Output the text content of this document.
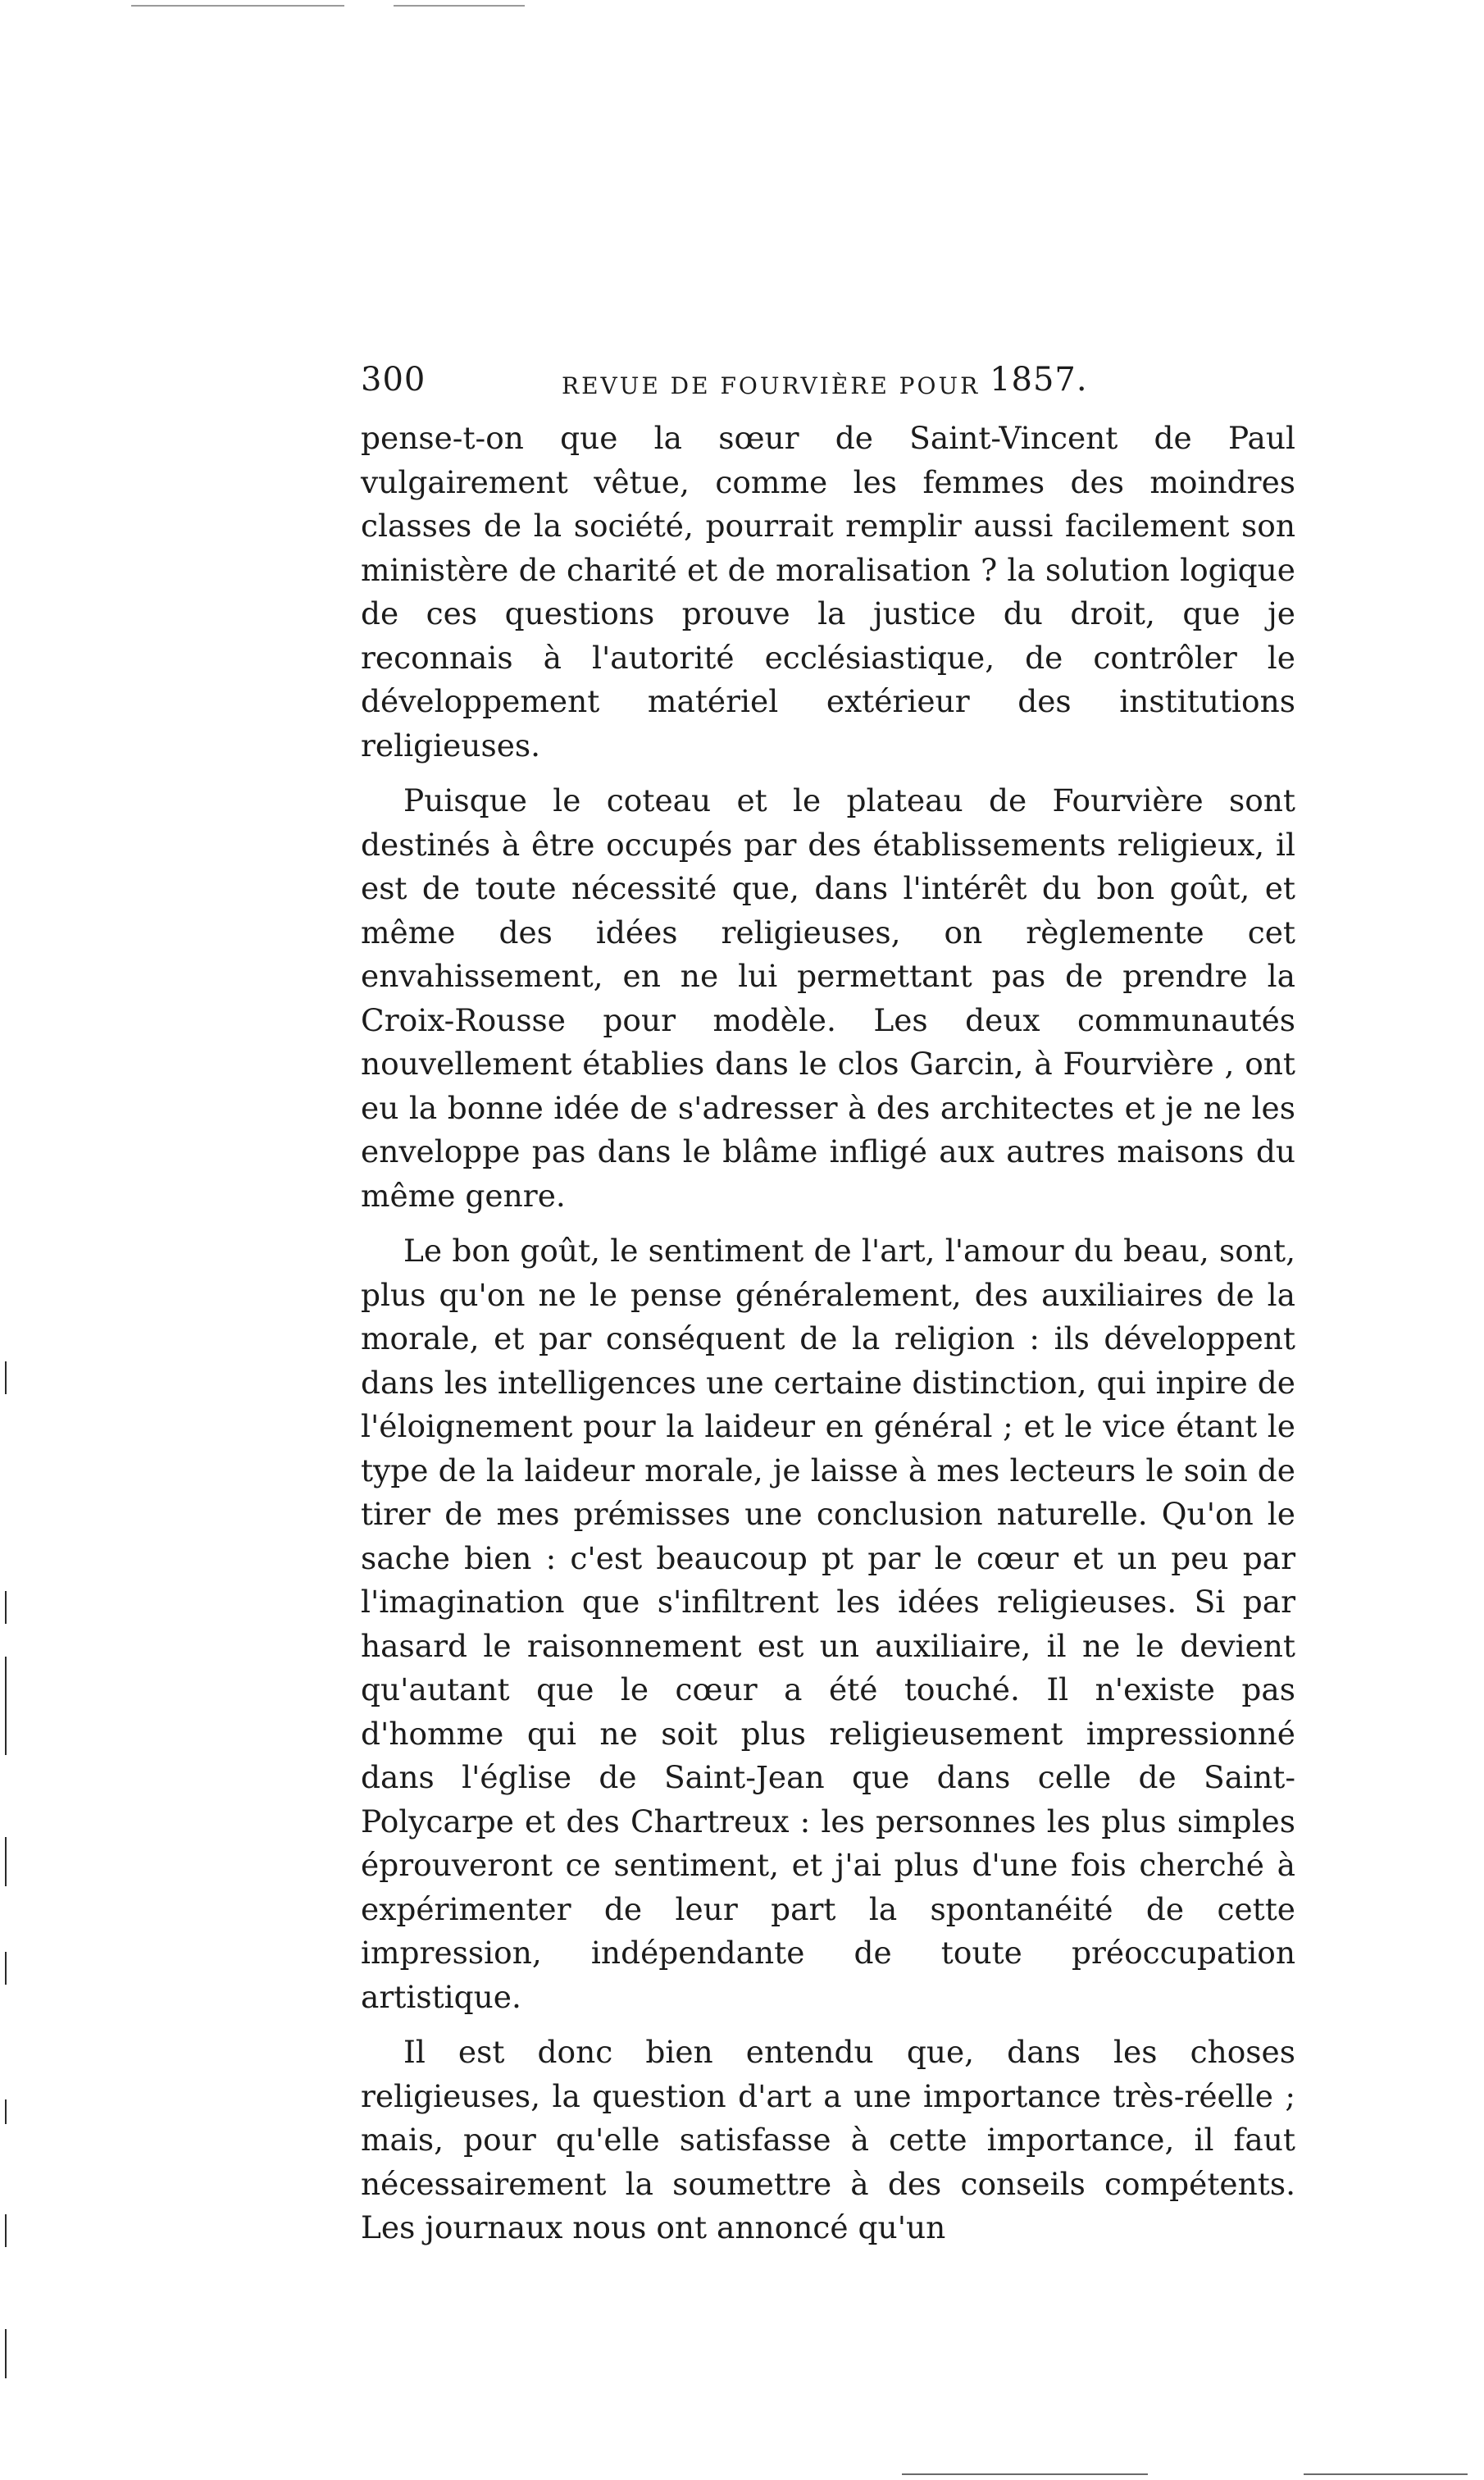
300	REVUE DE FOURVIÈRE POUR 1857.

pense-t-on que la sœur de Saint-Vincent de Paul vulgairement vêtue, comme les femmes des moindres classes de la société, pourrait remplir aussi facilement son ministère de charité et de moralisation ? la solution logique de ces questions prouve la justice du droit, que je reconnais à l'autorité ecclésiastique, de contrôler le développement matériel extérieur des institutions religieuses.

Puisque le coteau et le plateau de Fourvière sont destinés à être occupés par des établissements religieux, il est de toute nécessité que, dans l'intérêt du bon goût, et même des idées religieuses, on règlemente cet envahissement, en ne lui permettant pas de prendre la Croix-Rousse pour modèle. Les deux communautés nouvellement établies dans le clos Garcin, à Fourvière , ont eu la bonne idée de s'adresser à des architectes et je ne les enveloppe pas dans le blâme infligé aux autres maisons du même genre.

Le bon goût, le sentiment de l'art, l'amour du beau, sont, plus qu'on ne le pense généralement, des auxiliaires de la morale, et par conséquent de la religion : ils développent dans les intelligences une certaine distinction, qui inpire de l'éloignement pour la laideur en général ; et le vice étant le type de la laideur morale, je laisse à mes lecteurs le soin de tirer de mes prémisses une conclusion naturelle. Qu'on le sache bien : c'est beaucoup pt par le cœur et un peu par l'imagination que s'infiltrent les idées religieuses. Si par hasard le raisonnement est un auxiliaire, il ne le devient qu'autant que le cœur a été touché. Il n'existe pas d'homme qui ne soit plus religieusement impressionné dans l'église de Saint-Jean que dans celle de Saint-Polycarpe et des Chartreux : les personnes les plus simples éprouveront ce sentiment, et j'ai plus d'une fois cherché à expérimenter de leur part la spontanéité de cette impression, indépendante de toute préoccupation artistique.

Il est donc bien entendu que, dans les choses religieuses, la question d'art a une importance très-réelle ; mais, pour qu'elle satisfasse à cette importance, il faut nécessairement la soumettre à des conseils compétents. Les journaux nous ont annoncé qu'un
